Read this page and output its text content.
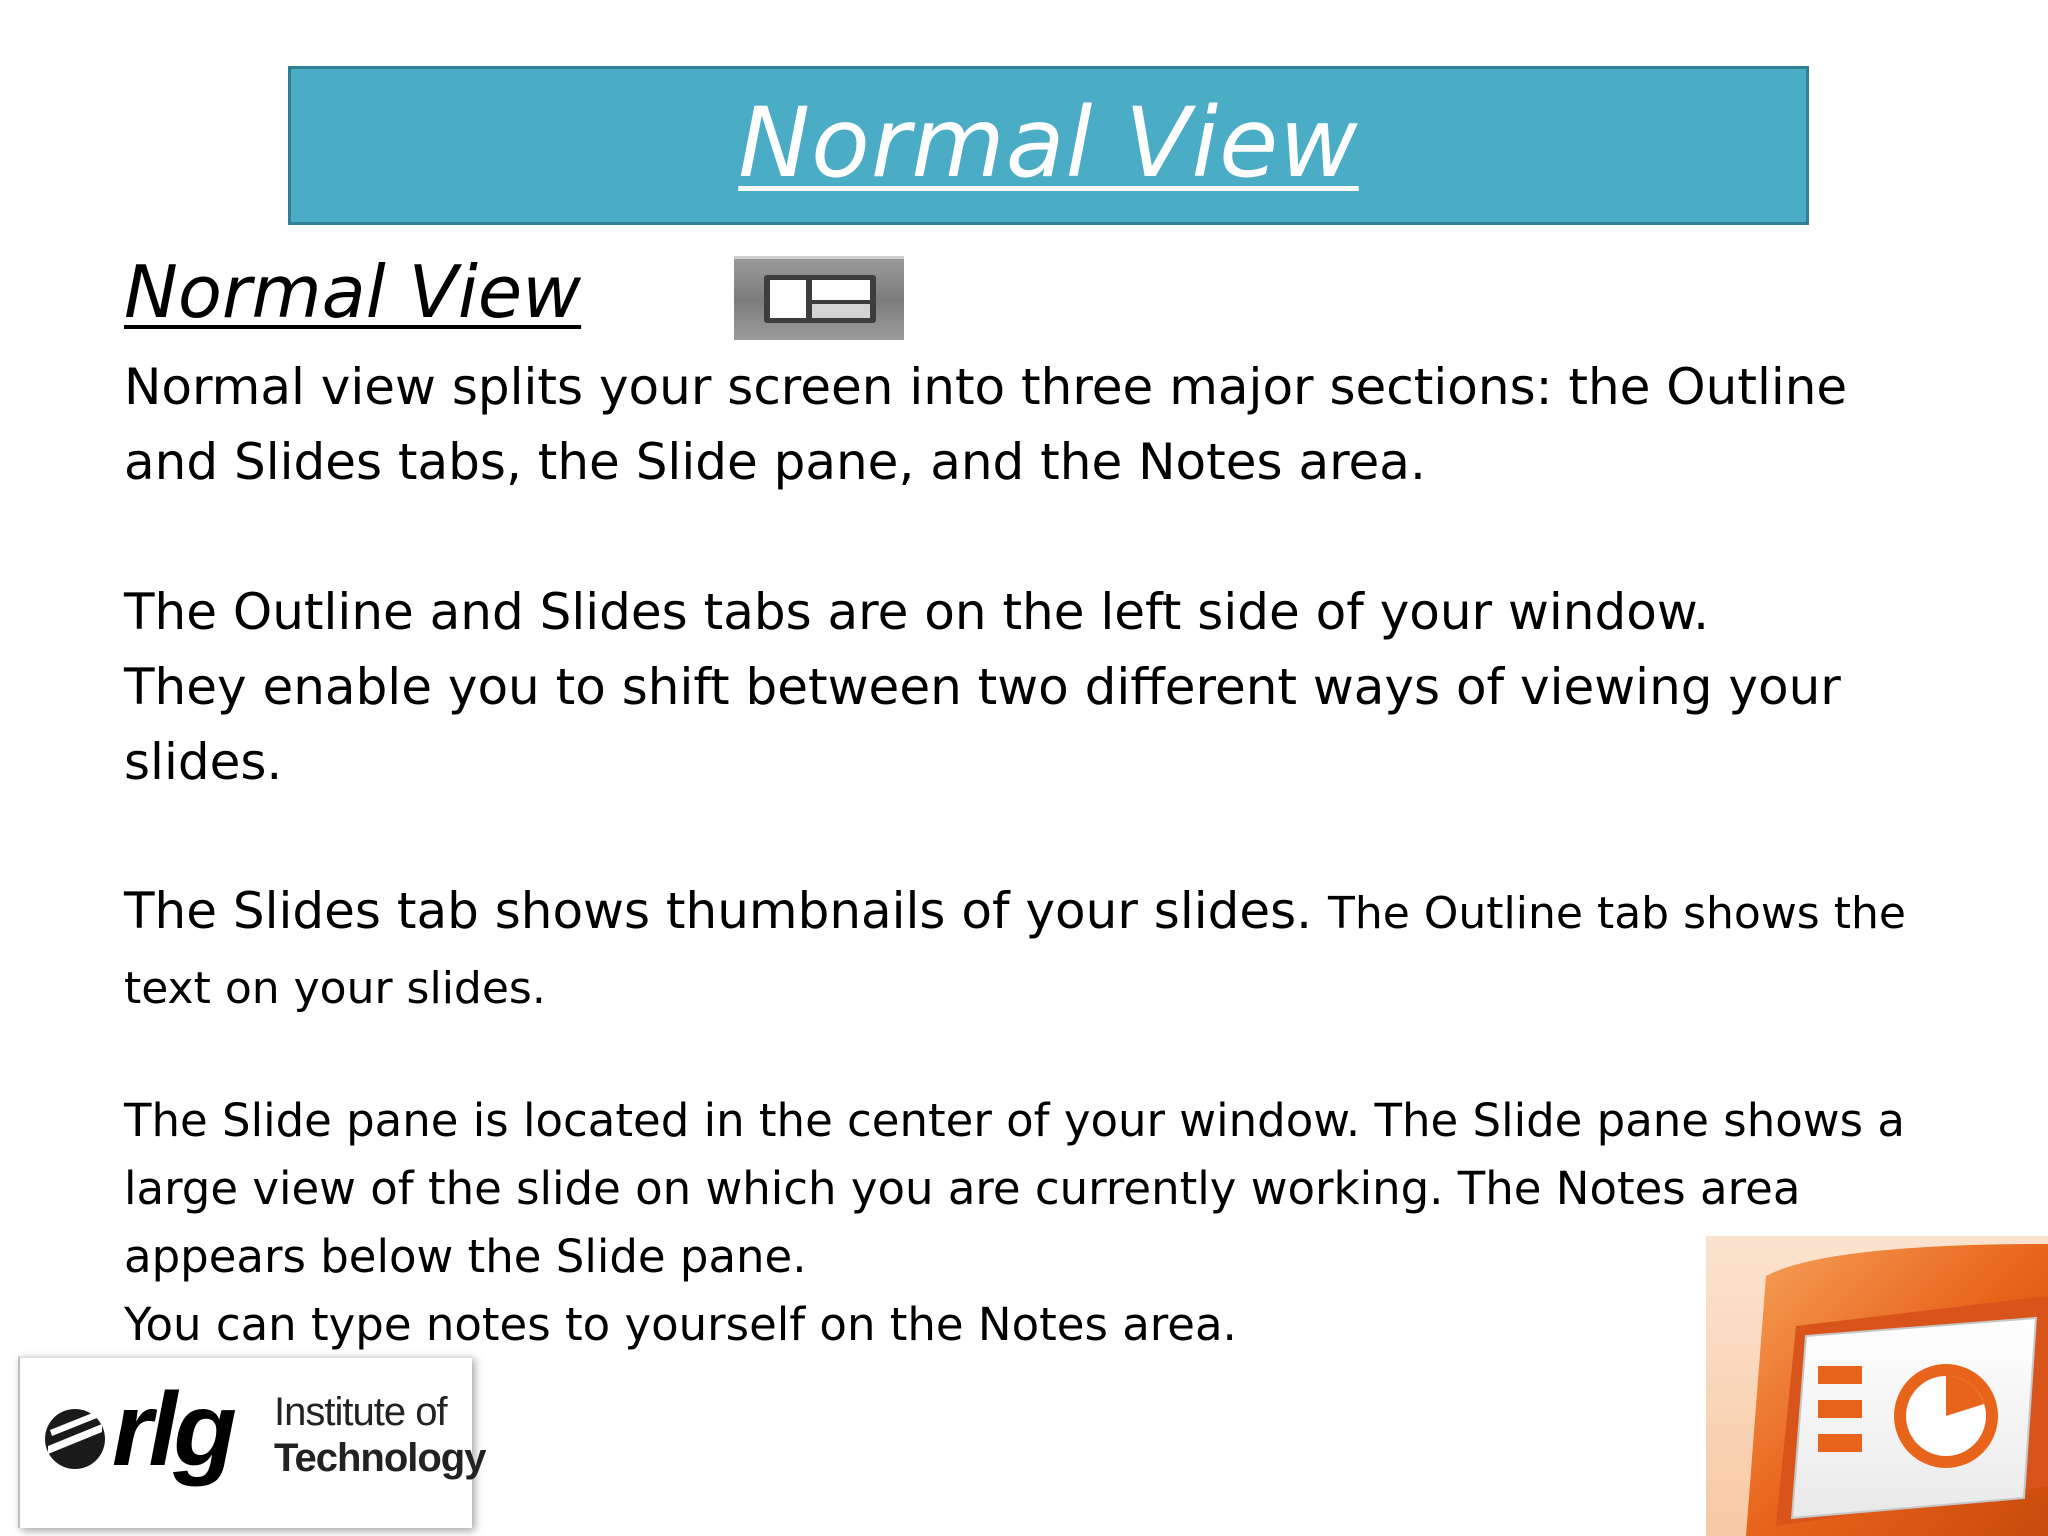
Normal View
Normal View

Normal view splits your screen into three major sections: the Outline
and Slides tabs, the Slide pane, and the Notes area.

The Outline and Slides tabs are on the left side of your window.
They enable you to shift between two different ways of viewing your
slides.

The Slides tab shows thumbnails of your slides. The Outline tab shows the
text on your slides.

The Slide pane is located in the center of your window. The Slide pane shows a
large view of the slide on which you are currently working. The Notes area
appears below the Slide pane.
You can type notes to yourself on the Notes area.

rlg Institute of
Technology
